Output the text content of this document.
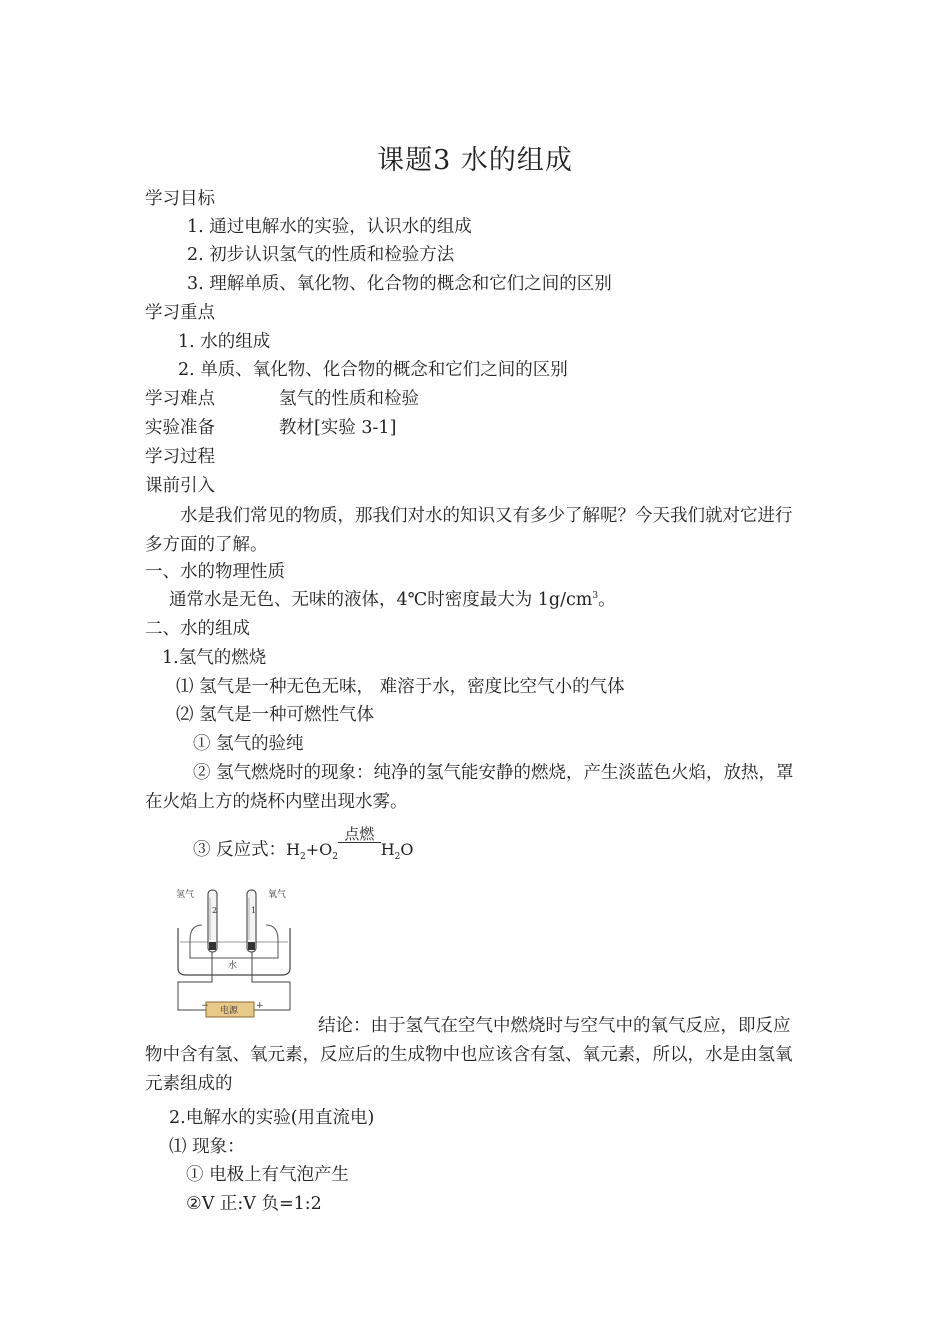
课题3 水的组成
学习目标
1. 通过电解水的实验，认识水的组成
2. 初步认识氢气的性质和检验方法
3. 理解单质、氧化物、化合物的概念和它们之间的区别
学习重点
1. 水的组成
2. 单质、氧化物、化合物的概念和它们之间的区别
学习难点	氢气的性质和检验
实验准备	教材[实验 3-1]
学习过程
课前引入
水是我们常见的物质，那我们对水的知识又有多少了解呢？今天我们就对它进行多方面的了解。
一、水的物理性质
通常水是无色、无味的液体，4℃时密度最大为 $1g/cm^3$。
二、水的组成
1.氢气的燃烧
⑴ 氢气是一种无色无味， 难溶于水，密度比空气小的气体
⑵ 氢气是一种可燃性气体
① 氢气的验纯
② 氢气燃烧时的现象：纯净的氢气能安静的燃烧，产生淡蓝色火焰，放热，罩在火焰上方的烧杯内壁出现水雾。
③ 反应式：$H_2+O_2$
点燃
$H_2O$
氢气	氧气
2	1
水
电源
−	+
结论：由于氢气在空气中燃烧时与空气中的氧气反应，即反应物中含有氢、氧元素，反应后的生成物中也应该含有氢、氧元素，所以，水是由氢氧元素组成的
2.电解水的实验(用直流电)
⑴ 现象：
① 电极上有气泡产生
②V 正:V 负=1:2
